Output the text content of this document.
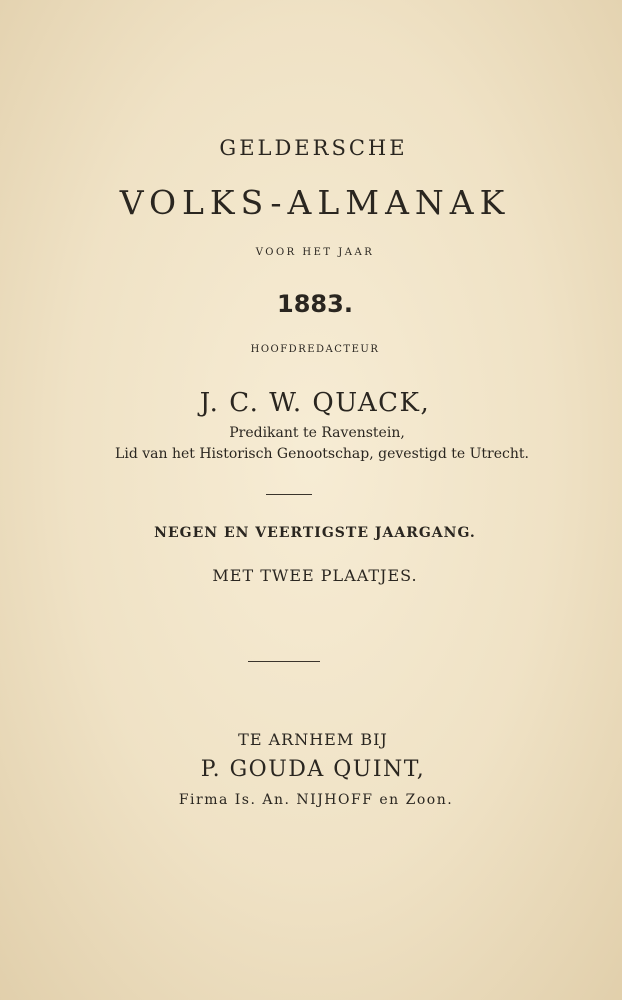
GELDERSCHE

VOLKS-ALMANAK

VOOR HET JAAR

1883.

HOOFDREDACTEUR

J. C. W. QUACK,

Predikant te Ravenstein,

Lid van het Historisch Genootschap, gevestigd te Utrecht.

NEGEN EN VEERTIGSTE JAARGANG.

MET TWEE PLAATJES.

TE ARNHEM BIJ

P. GOUDA QUINT,

Firma Is. An. NIJHOFF en Zoon.
